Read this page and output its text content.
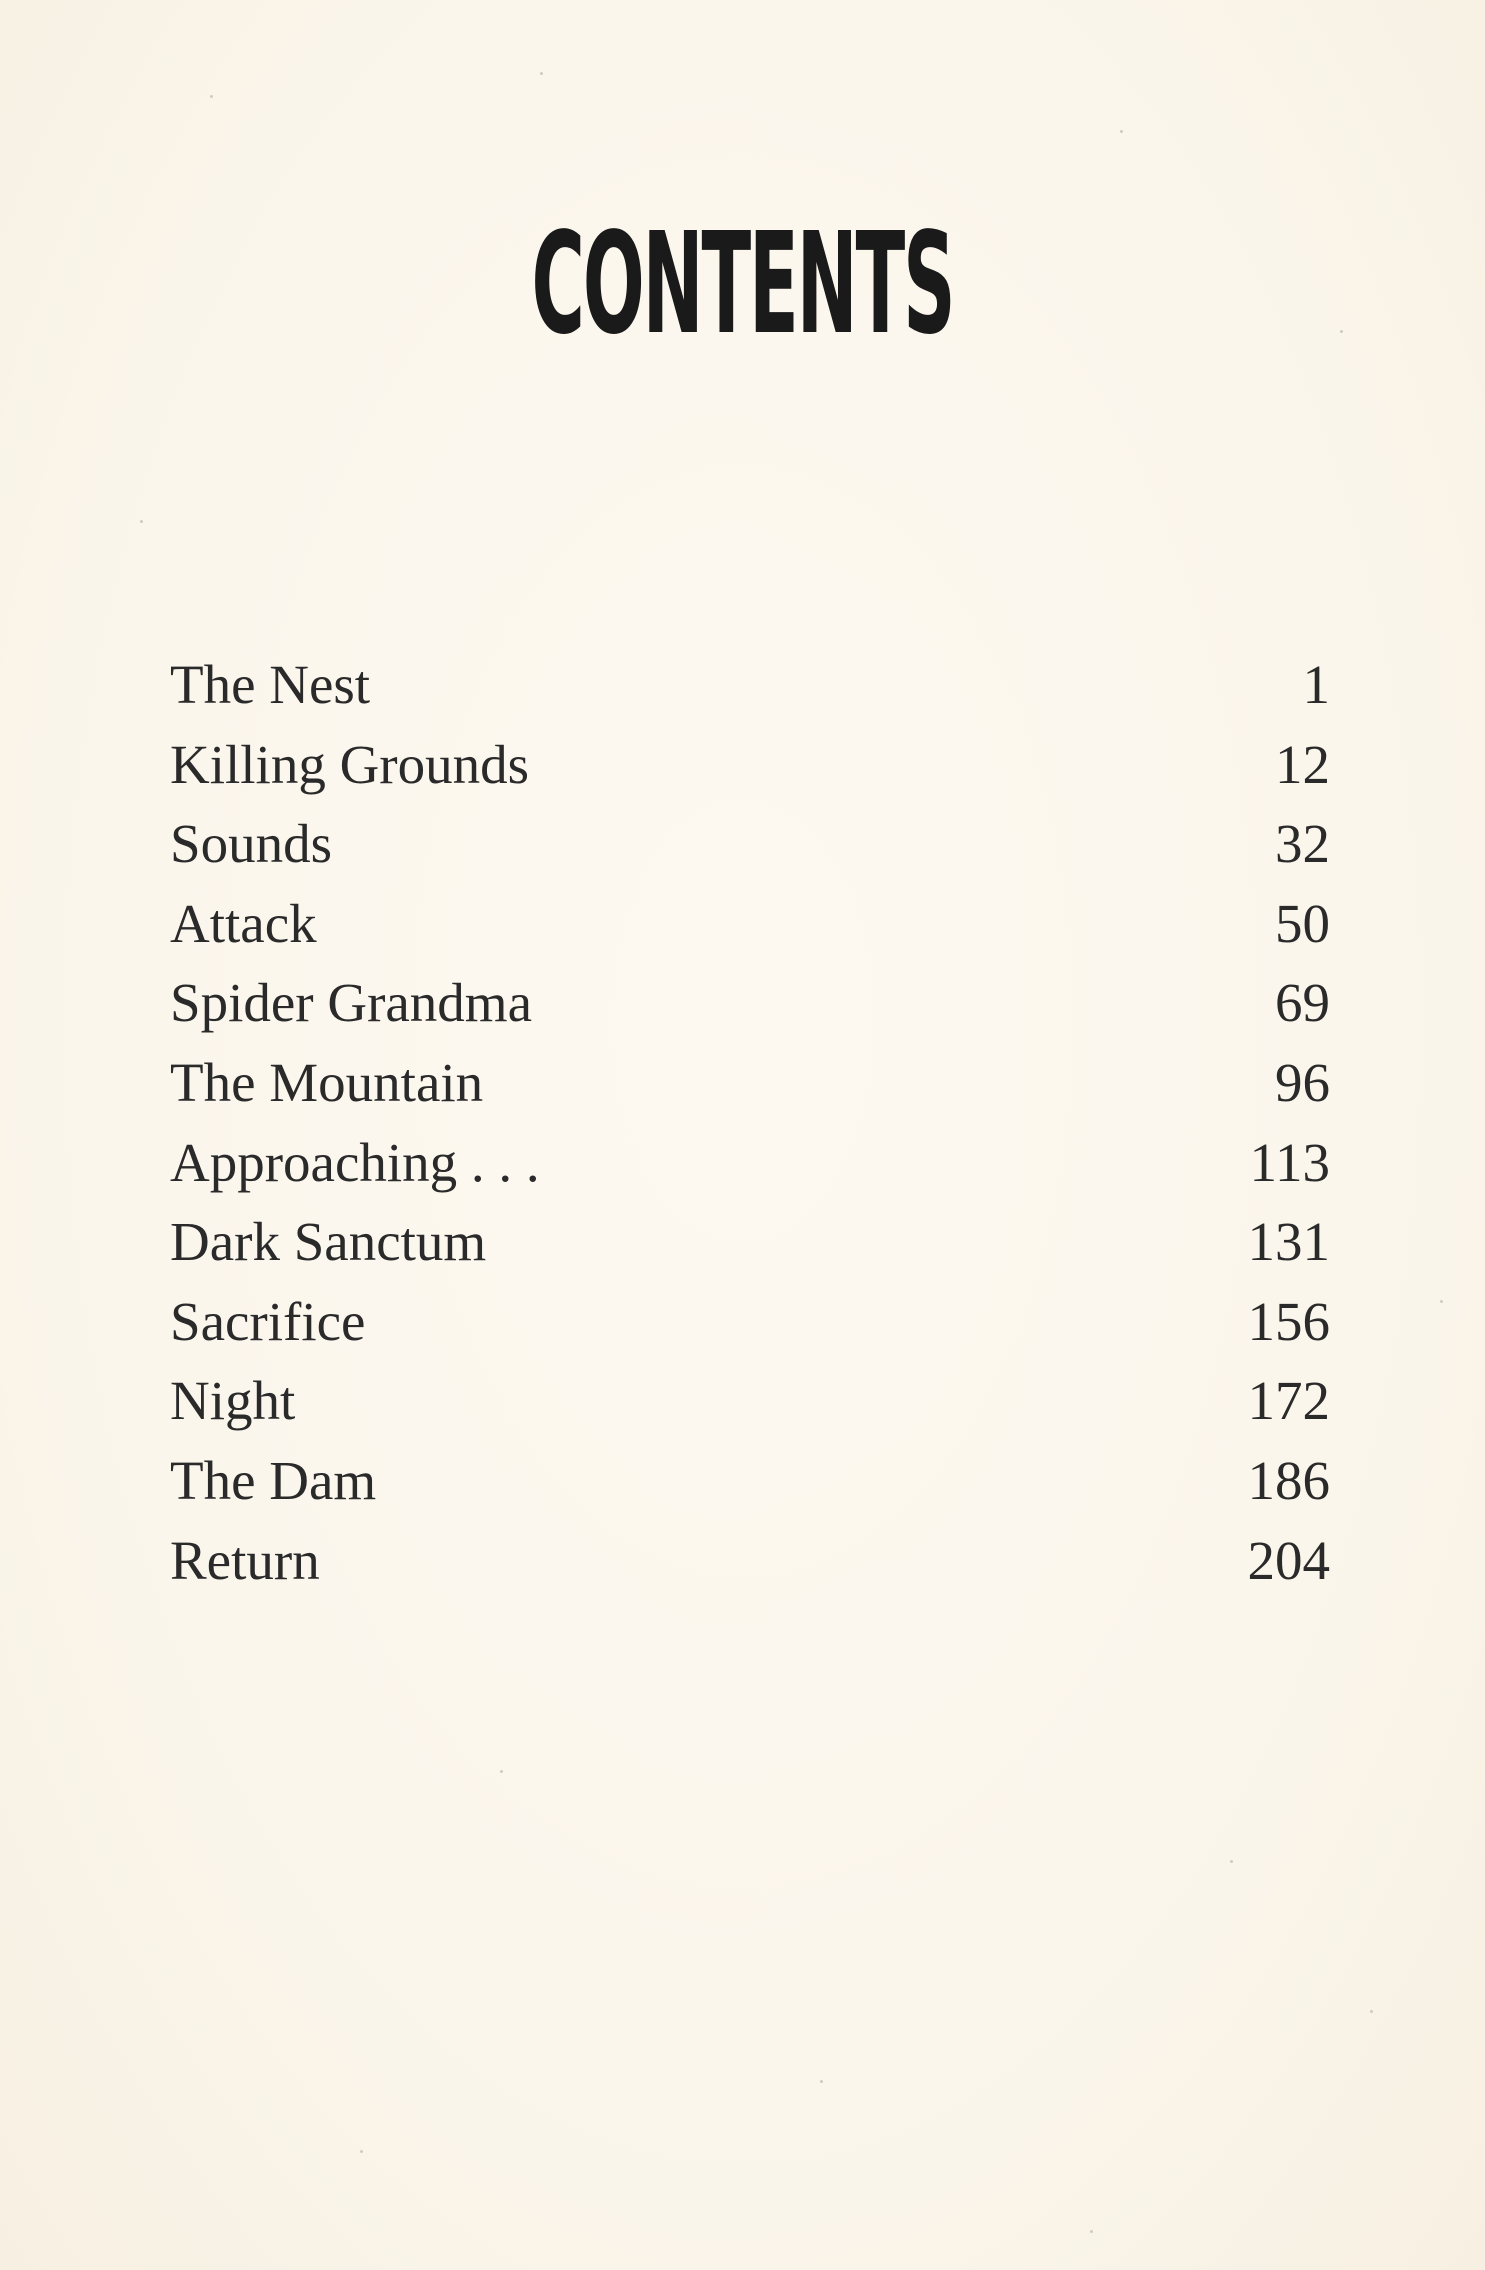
CONTENTS
The Nest	1
Killing Grounds	12
Sounds	32
Attack	50
Spider Grandma	69
The Mountain	96
Approaching . . .	113
Dark Sanctum	131
Sacrifice	156
Night	172
The Dam	186
Return	204
